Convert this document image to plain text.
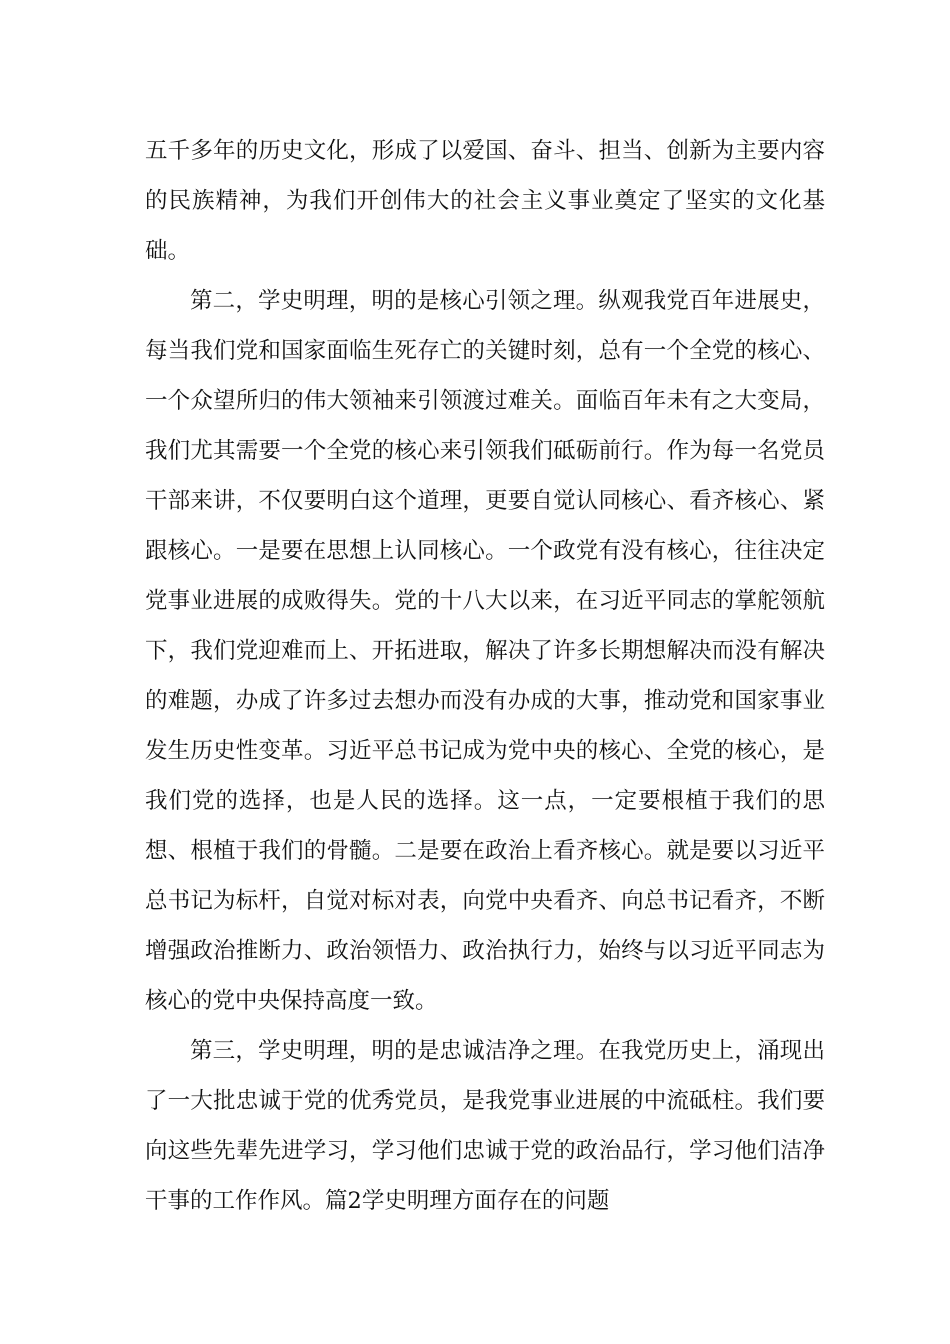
五千多年的历史文化，形成了以爱国、奋斗、担当、创新为主要内容的民族精神，为我们开创伟大的社会主义事业奠定了坚实的文化基础。

第二，学史明理，明的是核心引领之理。纵观我党百年进展史，每当我们党和国家面临生死存亡的关键时刻，总有一个全党的核心、一个众望所归的伟大领袖来引领渡过难关。面临百年未有之大变局，我们尤其需要一个全党的核心来引领我们砥砺前行。作为每一名党员干部来讲，不仅要明白这个道理，更要自觉认同核心、看齐核心、紧跟核心。一是要在思想上认同核心。一个政党有没有核心，往往决定党事业进展的成败得失。党的十八大以来，在习近平同志的掌舵领航下，我们党迎难而上、开拓进取，解决了许多长期想解决而没有解决的难题，办成了许多过去想办而没有办成的大事，推动党和国家事业发生历史性变革。习近平总书记成为党中央的核心、全党的核心，是我们党的选择，也是人民的选择。这一点，一定要根植于我们的思想、根植于我们的骨髓。二是要在政治上看齐核心。就是要以习近平总书记为标杆，自觉对标对表，向党中央看齐、向总书记看齐，不断增强政治推断力、政治领悟力、政治执行力，始终与以习近平同志为核心的党中央保持高度一致。

第三，学史明理，明的是忠诚洁净之理。在我党历史上，涌现出了一大批忠诚于党的优秀党员，是我党事业进展的中流砥柱。我们要向这些先辈先进学习，学习他们忠诚于党的政治品行，学习他们洁净干事的工作作风。篇2学史明理方面存在的问题
